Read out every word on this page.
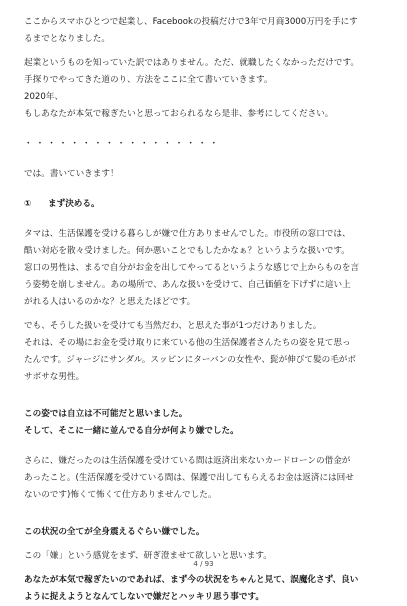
ここからスマホひとつで起業し、Facebookの投稿だけで3年で月商3000万円を手にす

るまでとなりました。

起業というものを知っていた訳ではありません。ただ、就職したくなかっただけです。

手探りでやってきた道のり、方法をここに全て書いていきます。

2020年、

もしあなたが本気で稼ぎたいと思っておられるなら是非、参考にしてください。

・・・・・・・・・・・・・・・・・

では。書いていきます！

①	まず決める。

タマは、生活保護を受ける暮らしが嫌で仕方ありませんでした。市役所の窓口では、

酷い対応を散々受けました。何か悪いことでもしたかなぁ？というような扱いです。

窓口の男性は、まるで自分がお金を出してやってるというような感じで上からものを言

う姿勢を崩しません。あの場所で、あんな扱いを受けて、自己価値を下げずに這い上

がれる人はいるのかな？と思えたほどです。

でも、そうした扱いを受けても当然だわ、と思えた事が1つだけありました。

それは、その場にお金を受け取りに来ている他の生活保護者さんたちの姿を見て思っ

たんです。ジャージにサンダル。スッピンにターバンの女性や、髭が伸びて髪の毛がボ

サボサな男性。

この姿では自立は不可能だと思いました。

そして、そこに一緒に並んでる自分が何より嫌でした。

さらに、嫌だったのは生活保護を受けている間は返済出来ないカードローンの借金が

あったこと。(生活保護を受けている間は、保護で出してもらえるお金は返済には回せ

ないのです)怖くて怖くて仕方ありませんでした。

この状況の全てが全身震えるぐらい嫌でした。

この「嫌」という感覚をまず、研ぎ澄ませて欲しいと思います。

あなたが本気で稼ぎたいのであれば、まず今の状況をちゃんと見て、誤魔化さず、良い

ように捉えようとなんてしないで嫌だとハッキリ思う事です。

4 / 93
